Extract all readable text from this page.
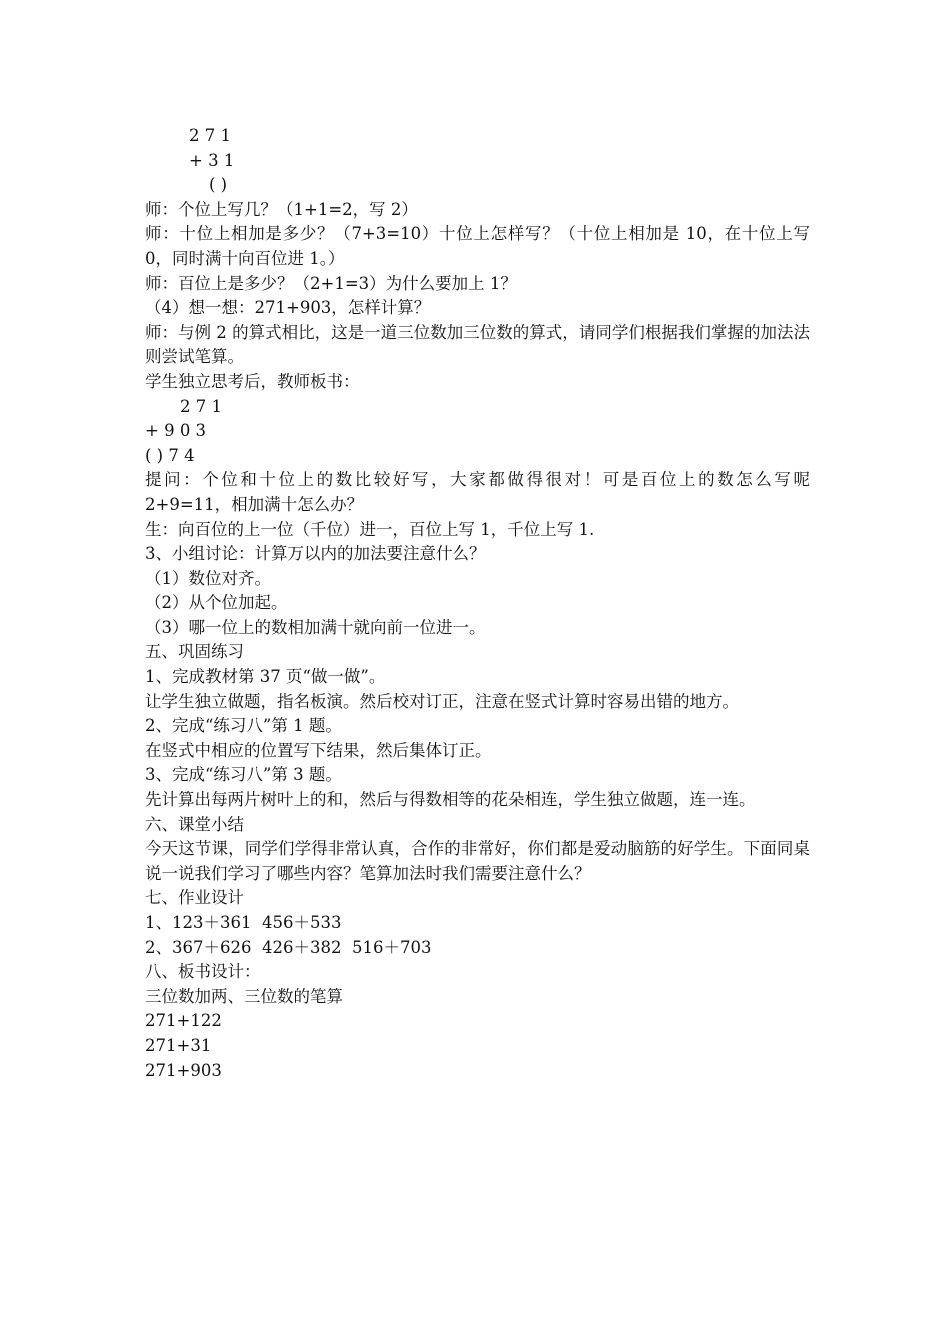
2 7 1
+ 3 1
( )
师：个位上写几？（1+1=2，写 2）
师：十位上相加是多少？（7+3=10）十位上怎样写？（十位上相加是 10，在十位上写 0，同时满十向百位进 1。）
师：百位上是多少？（2+1=3）为什么要加上 1？
（4）想一想：271+903，怎样计算？
师：与例 2 的算式相比，这是一道三位数加三位数的算式，请同学们根据我们掌握的加法法则尝试笔算。
学生独立思考后，教师板书：
2 7 1
+ 9 0 3
( ) 7 4
提问：个位和十位上的数比较好写，大家都做得很对！可是百位上的数怎么写呢 2+9=11，相加满十怎么办？
生：向百位的上一位（千位）进一，百位上写 1，千位上写 1.
3、小组讨论：计算万以内的加法要注意什么？
（1）数位对齐。
（2）从个位加起。
（3）哪一位上的数相加满十就向前一位进一。
五、巩固练习
1、完成教材第 37 页“做一做”。
让学生独立做题，指名板演。然后校对订正，注意在竖式计算时容易出错的地方。
2、完成“练习八”第 1 题。
在竖式中相应的位置写下结果，然后集体订正。
3、完成“练习八”第 3 题。
先计算出每两片树叶上的和，然后与得数相等的花朵相连，学生独立做题，连一连。
六、课堂小结
今天这节课，同学们学得非常认真，合作的非常好，你们都是爱动脑筋的好学生。下面同桌说一说我们学习了哪些内容？笔算加法时我们需要注意什么？
七、作业设计
1、123＋361  456＋533
2、367＋626  426＋382  516＋703
八、板书设计：
三位数加两、三位数的笔算
271+122
271+31
271+903
